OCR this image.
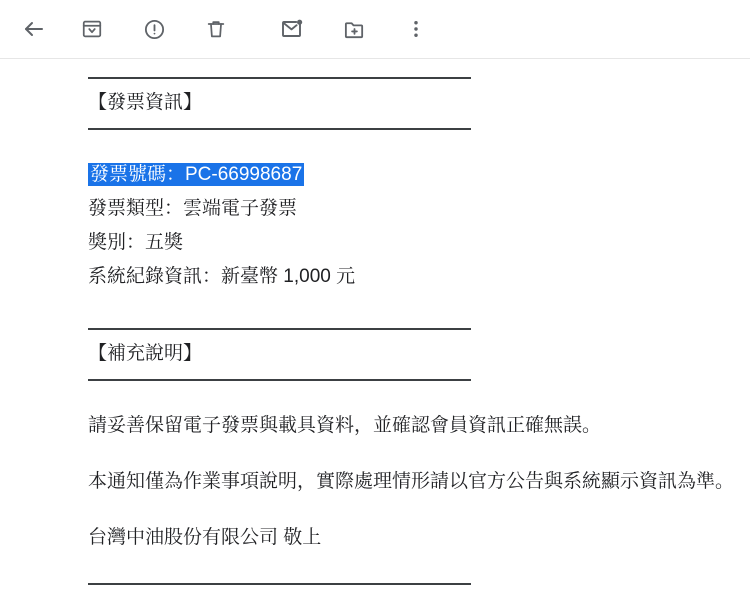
【發票資訊】
發票號碼：PC-66998687
發票類型：雲端電子發票
獎別：五獎
系統紀錄資訊：新臺幣 1,000 元
【補充說明】

請妥善保留電子發票與載具資料，並確認會員資訊正確無誤。

本通知僅為作業事項說明，實際處理情形請以官方公告與系統顯示資訊為準。

台灣中油股份有限公司 敬上
